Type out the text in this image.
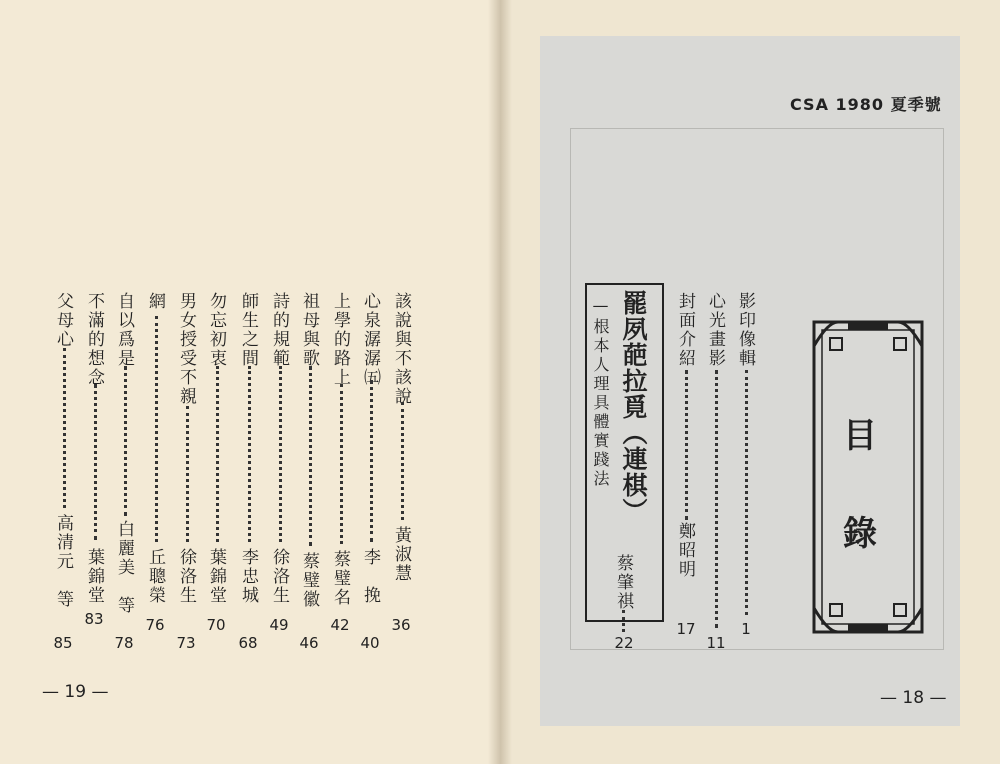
CSA 1980 夏季號
目
錄
影印像輯
1
心光畫影
11
封面介紹
鄭昭明
17
罷夙葩拉覓（連棋）
—根本人理具體實踐法
蔡肇祺
22
— 18 —
該說與不該說
黃淑慧
36
心泉潺潺㈤
李　挽
40
上學的路上
蔡璧名
42
祖母與歌
蔡璧徽
46
詩的規範
徐洛生
49
師生之間
李忠城
68
勿忘初衷
葉錦堂
70
男女授受不親
徐洛生
73
網
丘聰榮
76
自以爲是
白麗美　等
78
不滿的想念
葉錦堂
83
父母心
高清元　等
85
— 19 —
